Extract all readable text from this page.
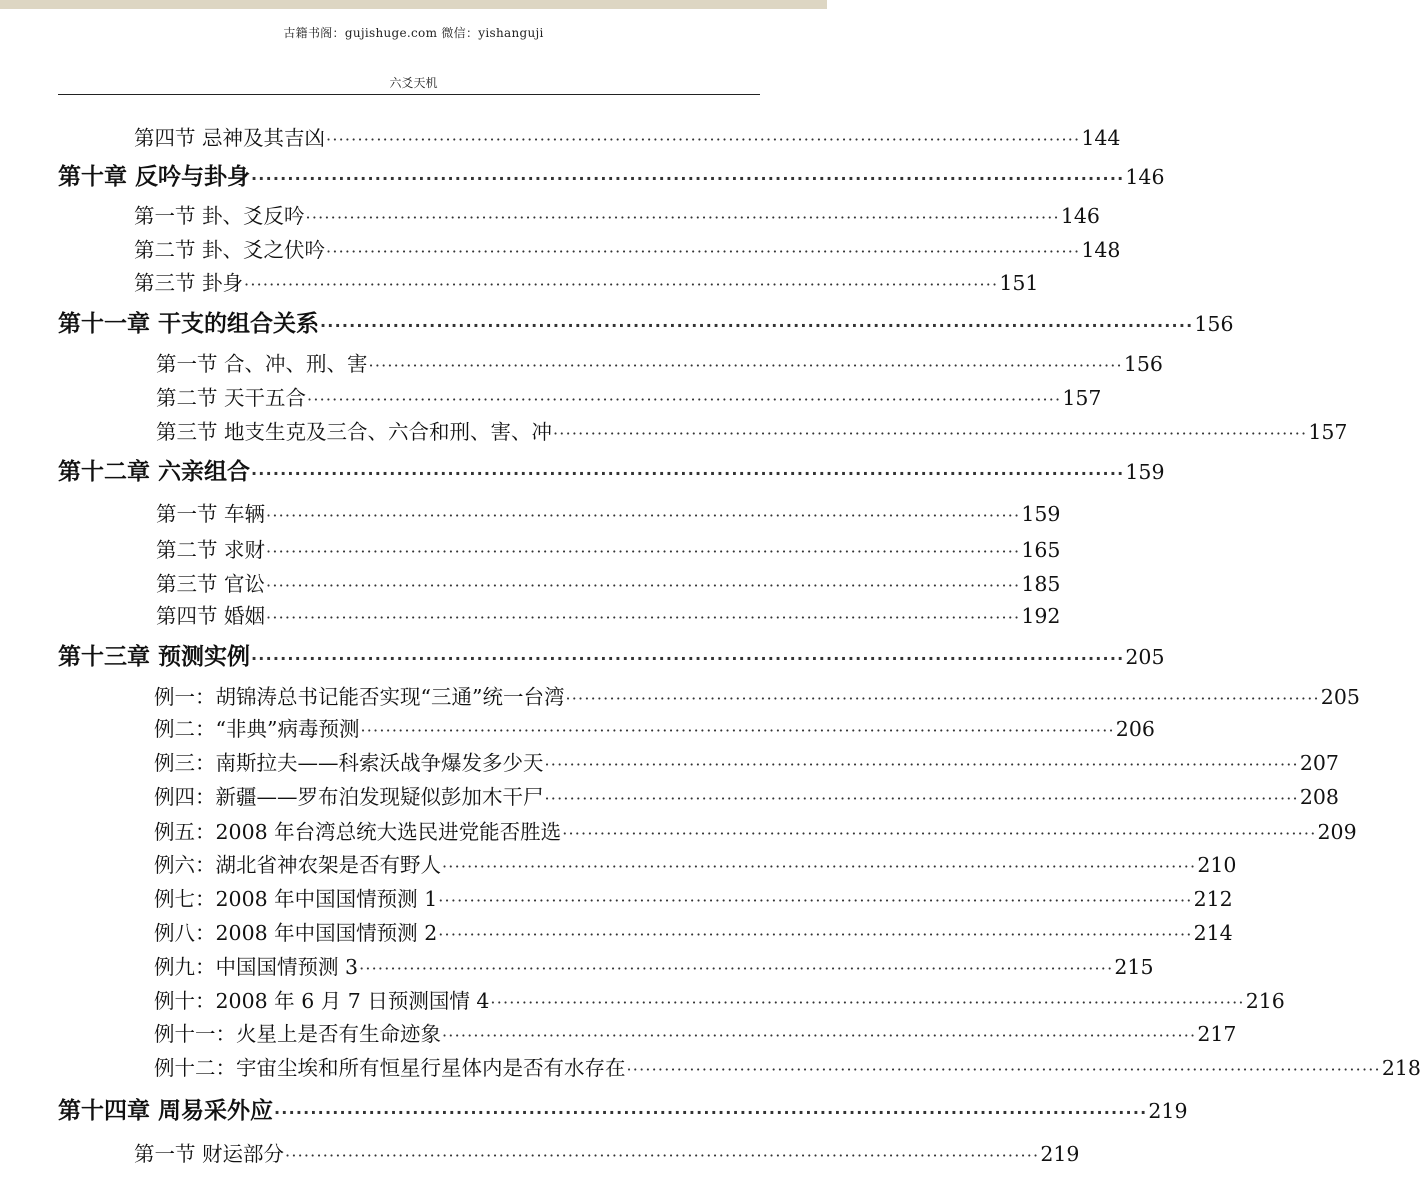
古籍书阁：gujishuge.com 微信：yishanguji
六爻天机
第四节 忌神及其吉凶 ························································································································ 144
第十章 反吟与卦身 ························································································································ 146
第一节 卦、爻反吟 ························································································································ 146
第二节 卦、爻之伏吟 ························································································································ 148
第三节 卦身 ························································································································ 151
第十一章 干支的组合关系 ························································································································ 156
第一节 合、冲、刑、害 ························································································································ 156
第二节 天干五合 ························································································································ 157
第三节 地支生克及三合、六合和刑、害、冲 ························································································································ 157
第十二章 六亲组合 ························································································································ 159
第一节 车辆 ························································································································ 159
第二节 求财 ························································································································ 165
第三节 官讼 ························································································································ 185
第四节 婚姻 ························································································································ 192
第十三章 预测实例 ························································································································ 205
例一：胡锦涛总书记能否实现“三通”统一台湾 ························································································································ 205
例二：“非典”病毒预测 ························································································································ 206
例三：南斯拉夫——科索沃战争爆发多少天 ························································································································ 207
例四：新疆——罗布泊发现疑似彭加木干尸 ························································································································ 208
例五：2008 年台湾总统大选民进党能否胜选 ························································································································ 209
例六：湖北省神农架是否有野人 ························································································································ 210
例七：2008 年中国国情预测 1 ························································································································ 212
例八：2008 年中国国情预测 2 ························································································································ 214
例九：中国国情预测 3 ························································································································ 215
例十：2008 年 6 月 7 日预测国情 4 ························································································································ 216
例十一：火星上是否有生命迹象 ························································································································ 217
例十二：宇宙尘埃和所有恒星行星体内是否有水存在 ························································································································ 218
第十四章 周易采外应 ························································································································ 219
第一节 财运部分 ························································································································ 219
